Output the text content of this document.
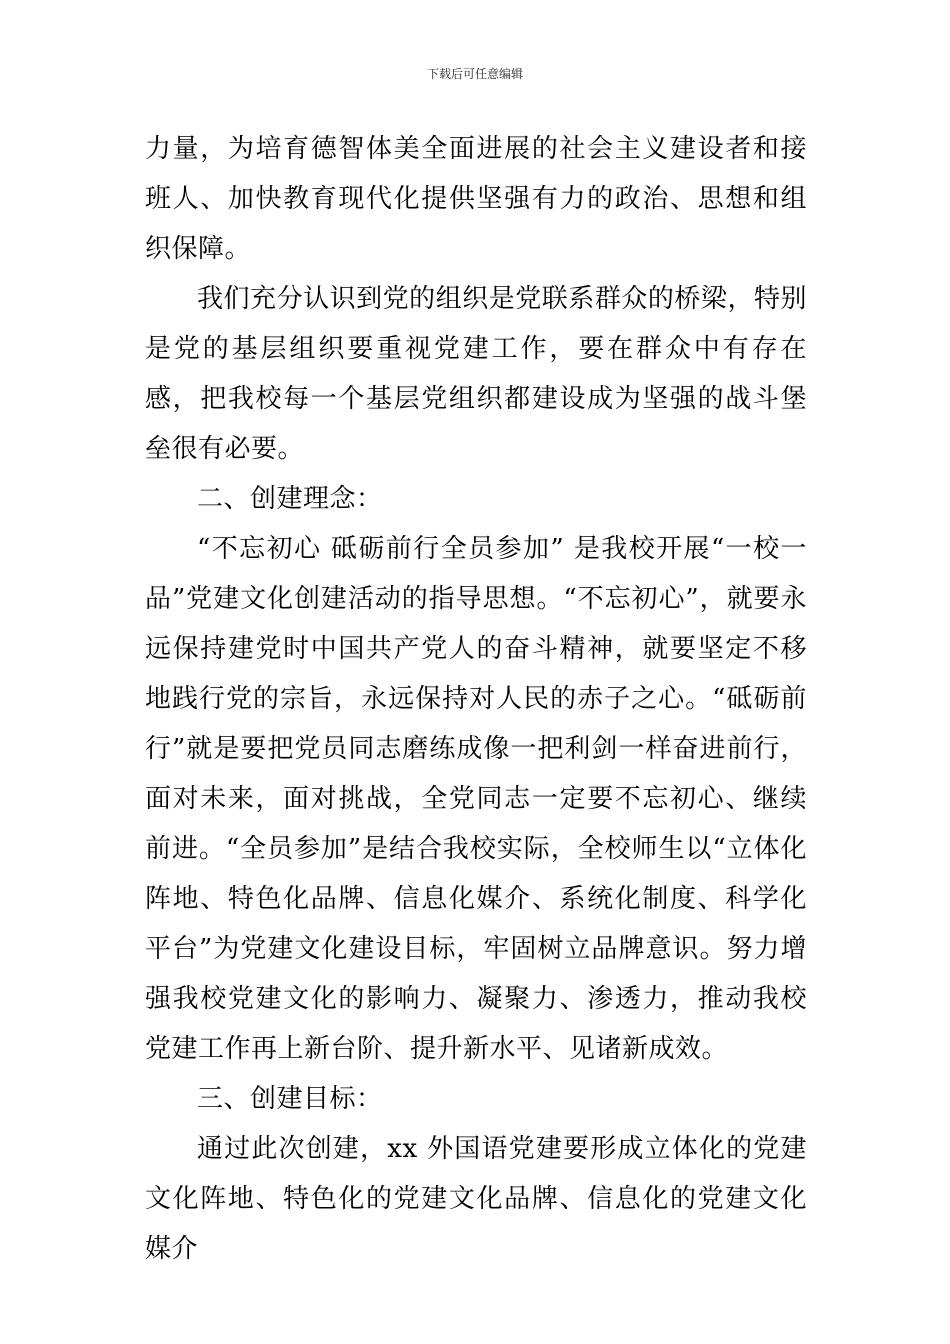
下载后可任意编辑

力量，为培育德智体美全面进展的社会主义建设者和接班人、加快教育现代化提供坚强有力的政治、思想和组织保障。

我们充分认识到党的组织是党联系群众的桥梁，特别是党的基层组织要重视党建工作，要在群众中有存在感，把我校每一个基层党组织都建设成为坚强的战斗堡垒很有必要。

二、创建理念：

“不忘初心 砥砺前行全员参加” 是我校开展“一校一品”党建文化创建活动的指导思想。“不忘初心”，就要永远保持建党时中国共产党人的奋斗精神，就要坚定不移地践行党的宗旨，永远保持对人民的赤子之心。“砥砺前行”就是要把党员同志磨练成像一把利剑一样奋进前行，面对未来，面对挑战，全党同志一定要不忘初心、继续前进。“全员参加”是结合我校实际，全校师生以“立体化阵地、特色化品牌、信息化媒介、系统化制度、科学化平台”为党建文化建设目标，牢固树立品牌意识。努力增强我校党建文化的影响力、凝聚力、渗透力，推动我校党建工作再上新台阶、提升新水平、见诸新成效。

三、创建目标：

通过此次创建，xx 外国语党建要形成立体化的党建文化阵地、特色化的党建文化品牌、信息化的党建文化媒介
